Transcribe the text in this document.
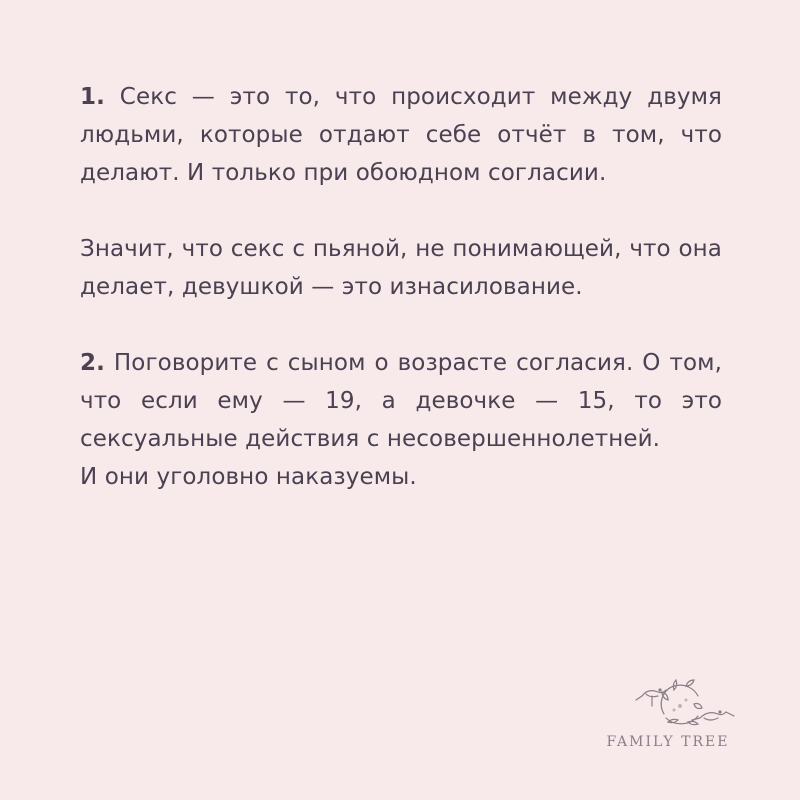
1. Секс — это то, что происходит между двумя людьми, которые отдают себе отчёт в том, что делают. И только при обоюдном согласии.

Значит, что секс с пьяной, не понимающей, что она делает, девушкой — это изнасилование.

2. Поговорите с сыном о возрасте согласия. О том, что если ему — 19, а девочке — 15, то это сексуальные действия с несовершеннолетней.
И они уголовно наказуемы.

FAMILY TREE
